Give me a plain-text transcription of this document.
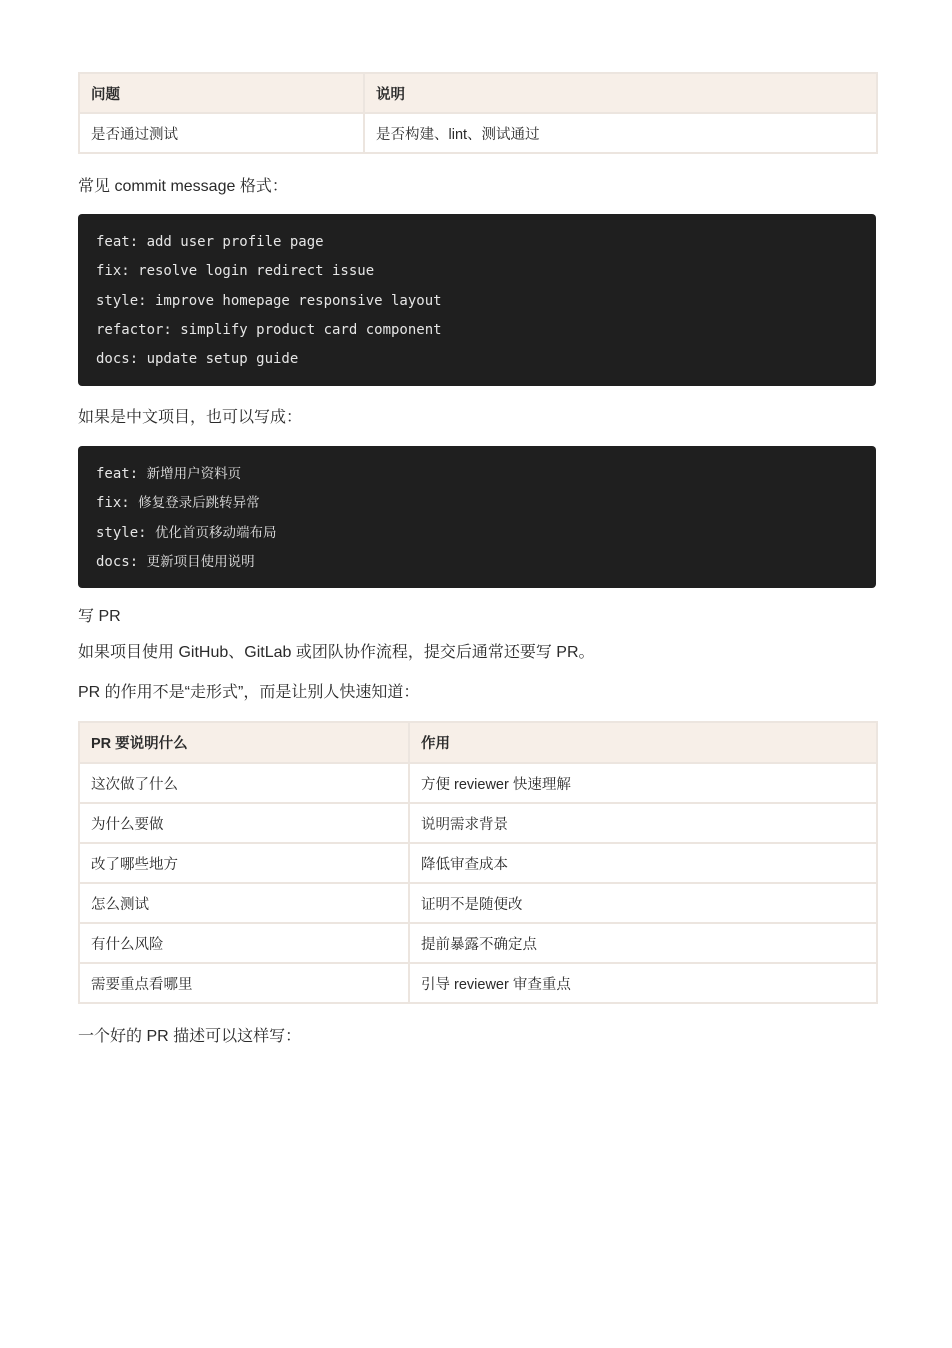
问题	说明
是否通过测试	是否构建、lint、测试通过

常见 commit message 格式：

feat: add user profile page
fix: resolve login redirect issue
style: improve homepage responsive layout
refactor: simplify product card component
docs: update setup guide

如果是中文项目，也可以写成：

feat: 新增用户资料页
fix: 修复登录后跳转异常
style: 优化首页移动端布局
docs: 更新项目使用说明

写 PR

如果项目使用 GitHub、GitLab 或团队协作流程，提交后通常还要写 PR。

PR 的作用不是“走形式”，而是让别人快速知道：

PR 要说明什么	作用
这次做了什么	方便 reviewer 快速理解
为什么要做	说明需求背景
改了哪些地方	降低审查成本
怎么测试	证明不是随便改
有什么风险	提前暴露不确定点
需要重点看哪里	引导 reviewer 审查重点

一个好的 PR 描述可以这样写：
